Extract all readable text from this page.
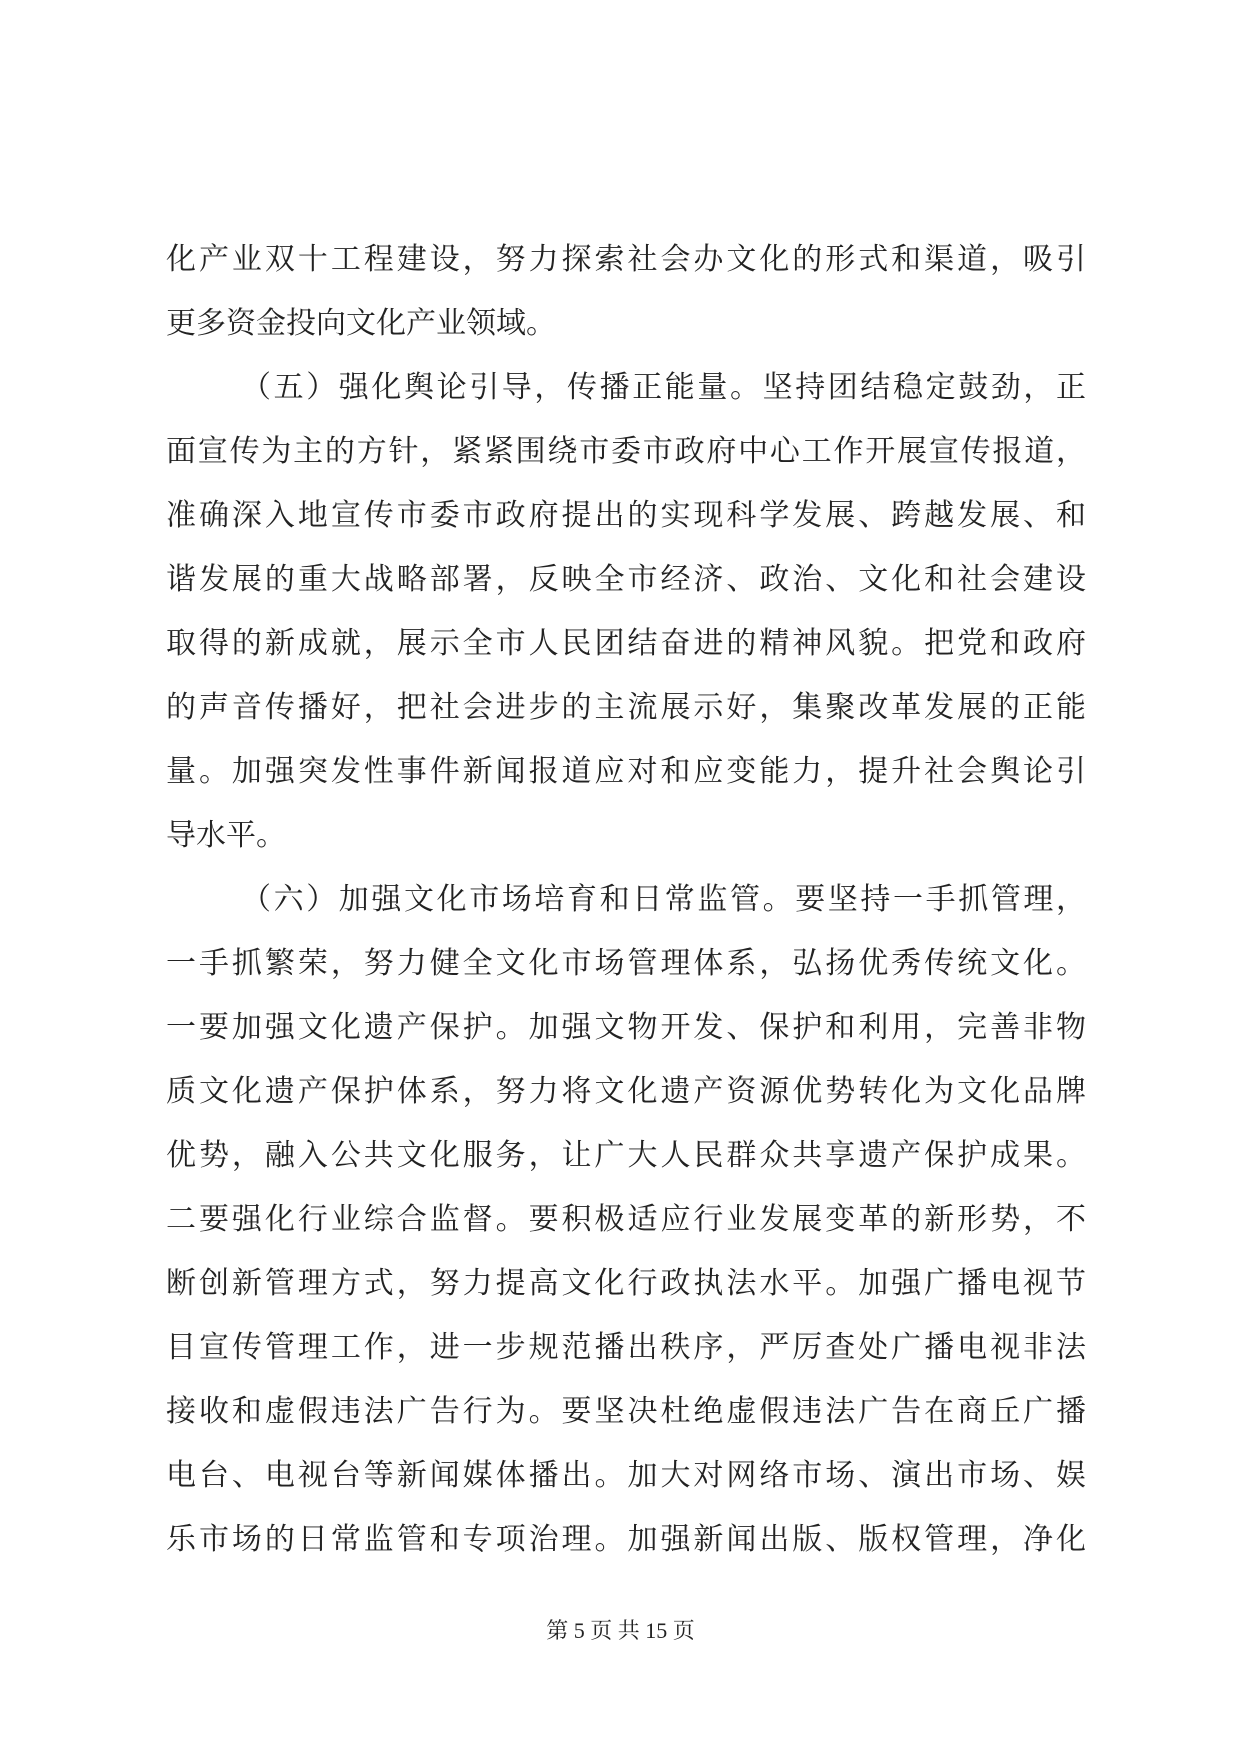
化产业双十工程建设，努力探索社会办文化的形式和渠道，吸引
更多资金投向文化产业领域。
（五）强化舆论引导，传播正能量。坚持团结稳定鼓劲，正
面宣传为主的方针，紧紧围绕市委市政府中心工作开展宣传报道，
准确深入地宣传市委市政府提出的实现科学发展、跨越发展、和
谐发展的重大战略部署，反映全市经济、政治、文化和社会建设
取得的新成就，展示全市人民团结奋进的精神风貌。把党和政府
的声音传播好，把社会进步的主流展示好，集聚改革发展的正能
量。加强突发性事件新闻报道应对和应变能力，提升社会舆论引
导水平。
（六）加强文化市场培育和日常监管。要坚持一手抓管理，
一手抓繁荣，努力健全文化市场管理体系，弘扬优秀传统文化。
一要加强文化遗产保护。加强文物开发、保护和利用，完善非物
质文化遗产保护体系，努力将文化遗产资源优势转化为文化品牌
优势，融入公共文化服务，让广大人民群众共享遗产保护成果。
二要强化行业综合监督。要积极适应行业发展变革的新形势，不
断创新管理方式，努力提高文化行政执法水平。加强广播电视节
目宣传管理工作，进一步规范播出秩序，严厉查处广播电视非法
接收和虚假违法广告行为。要坚决杜绝虚假违法广告在商丘广播
电台、电视台等新闻媒体播出。加大对网络市场、演出市场、娱
乐市场的日常监管和专项治理。加强新闻出版、版权管理，净化
第 5 页 共 15 页
